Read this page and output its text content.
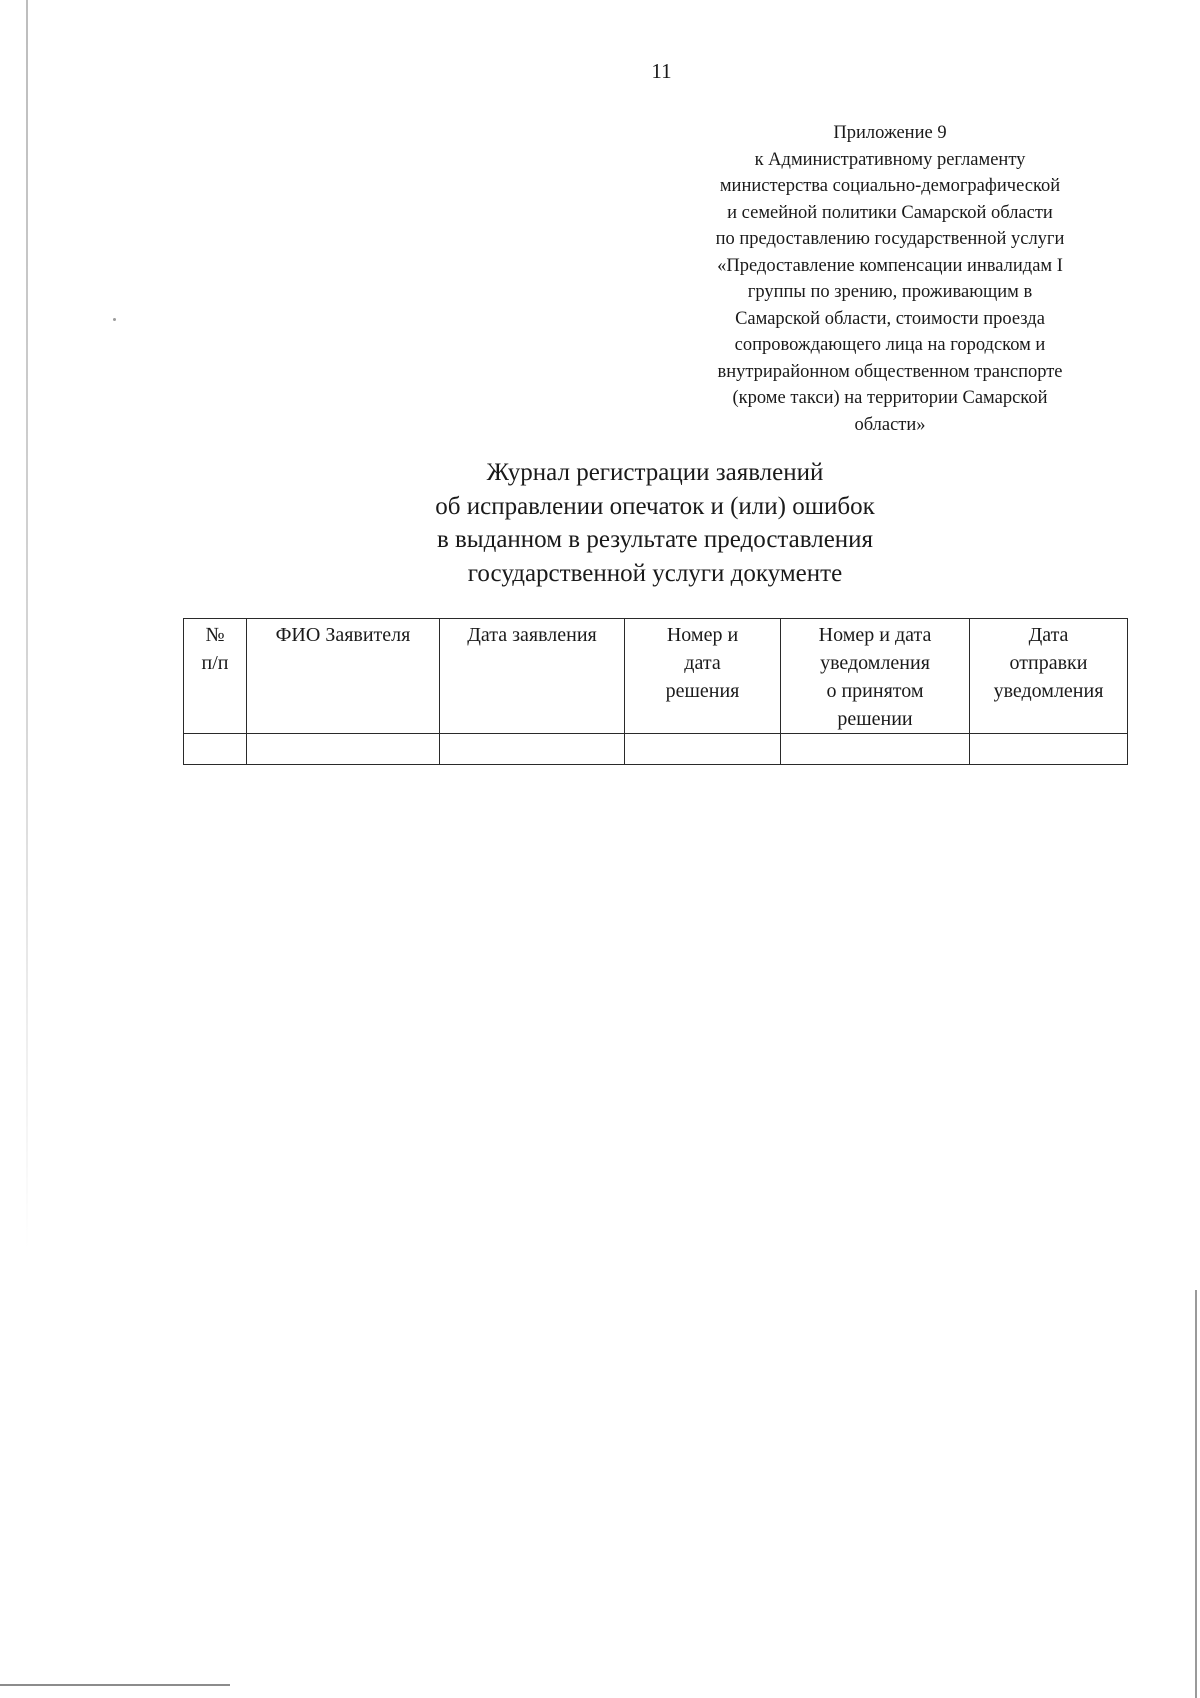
11
Приложение 9
к Административному регламенту
министерства социально-демографической
и семейной политики Самарской области
по предоставлению государственной услуги
«Предоставление компенсации инвалидам I
группы по зрению, проживающим в
Самарской области, стоимости проезда
сопровождающего лица на городском и
внутрирайонном общественном транспорте
(кроме такси) на территории Самарской
области»
Журнал регистрации заявлений
об исправлении опечаток и (или) ошибок
в выданном в результате предоставления
государственной услуги документе
№
п/п	ФИО Заявителя	Дата заявления	Номер и
дата
решения	Номер и дата
уведомления
о принятом
решении	Дата
отправки
уведомления
